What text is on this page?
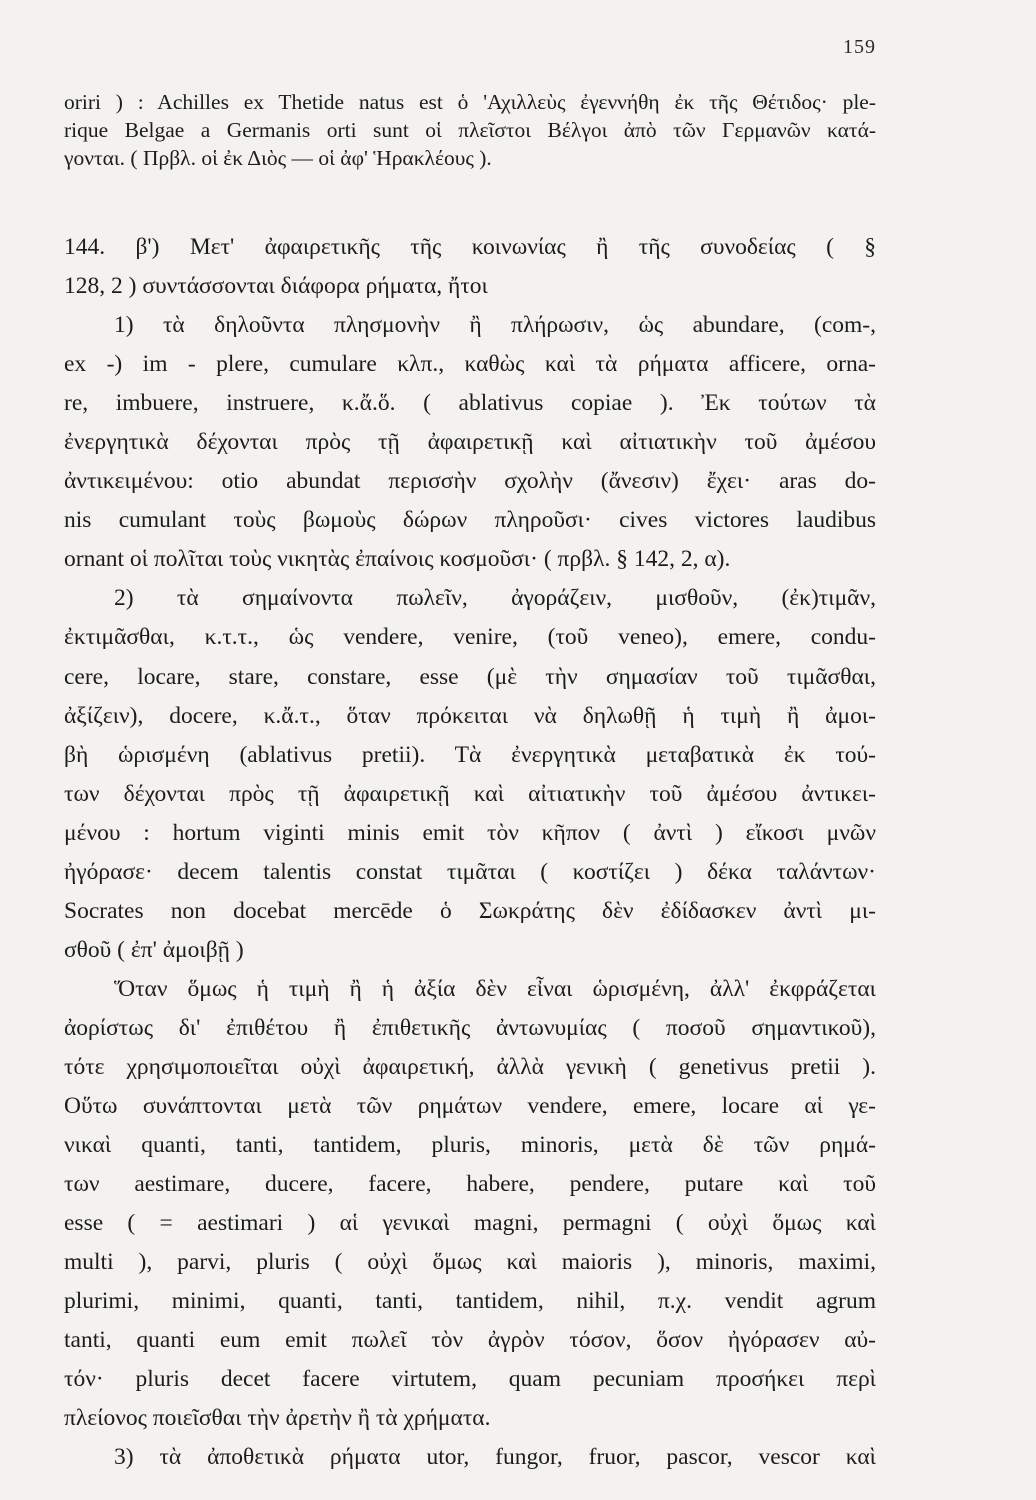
159
oriri ) : Achilles ex Thetide natus est ὁ 'Αχιλλεὺς ἐγεννήθη ἐκ τῆς Θέτιδος· ple-
rique Belgae a Germanis orti sunt οἱ πλεῖστοι Βέλγοι ἀπὸ τῶν Γερμανῶν κατά-
γονται. ( Πρβλ. οἱ ἐκ Διὸς — οἱ ἀφ' Ἡρακλέους ).
144. β') Μετ' ἀφαιρετικῆς τῆς κοινωνίας ἢ τῆς συνοδείας ( §
128, 2 ) συντάσσονται διάφορα ρήματα, ἤτοι
1) τὰ δηλοῦντα πλησμονὴν ἢ πλήρωσιν, ὡς abundare, (com-,
ex -) im - plere, cumulare κλπ., καθὼς καὶ τὰ ρήματα afficere, orna-
re, imbuere, instruere, κ.ἄ.ὅ. ( ablativus copiae ). Ἐκ τούτων τὰ
ἐνεργητικὰ δέχονται πρὸς τῇ ἀφαιρετικῇ καὶ αἰτιατικὴν τοῦ ἀμέσου
ἀντικειμένου: otio abundat περισσὴν σχολὴν (ἄνεσιν) ἔχει· aras do-
nis cumulant τοὺς βωμοὺς δώρων πληροῦσι· cives victores laudibus
ornant οἱ πολῖται τοὺς νικητὰς ἐπαίνοις κοσμοῦσι· ( πρβλ. § 142, 2, α).
2) τὰ σημαίνοντα πωλεῖν, ἀγοράζειν, μισθοῦν, (ἐκ)τιμᾶν,
ἐκτιμᾶσθαι, κ.τ.τ., ὡς vendere, venire, (τοῦ veneo), emere, condu-
cere, locare, stare, constare, esse (μὲ τὴν σημασίαν τοῦ τιμᾶσθαι,
ἀξίζειν), docere, κ.ἄ.τ., ὅταν πρόκειται νὰ δηλωθῇ ἡ τιμὴ ἢ ἀμοι-
βὴ ὡρισμένη (ablativus pretii). Τὰ ἐνεργητικὰ μεταβατικὰ ἐκ τού-
των δέχονται πρὸς τῇ ἀφαιρετικῇ καὶ αἰτιατικὴν τοῦ ἀμέσου ἀντικει-
μένου : hortum viginti minis emit τὸν κῆπον ( ἀντὶ ) εἴκοσι μνῶν
ἠγόρασε· decem talentis constat τιμᾶται ( κοστίζει ) δέκα ταλάντων·
Socrates non docebat mercēde ὁ Σωκράτης δὲν ἐδίδασκεν ἀντὶ μι-
σθοῦ ( ἐπ' ἀμοιβῇ )
Ὅταν ὅμως ἡ τιμὴ ἢ ἡ ἀξία δὲν εἶναι ὡρισμένη, ἀλλ' ἐκφράζεται
ἀορίστως δι' ἐπιθέτου ἢ ἐπιθετικῆς ἀντωνυμίας ( ποσοῦ σημαντικοῦ),
τότε χρησιμοποιεῖται οὐχὶ ἀφαιρετική, ἀλλὰ γενικὴ ( genetivus pretii ).
Οὕτω συνάπτονται μετὰ τῶν ρημάτων vendere, emere, locare αἱ γε-
νικαὶ quanti, tanti, tantidem, pluris, minoris, μετὰ δὲ τῶν ρημά-
των aestimare, ducere, facere, habere, pendere, putare καὶ τοῦ
esse ( = aestimari ) αἱ γενικαὶ magni, permagni ( οὐχὶ ὅμως καὶ
multi ), parvi, pluris ( οὐχὶ ὅμως καὶ maioris ), minoris, maximi,
plurimi, minimi, quanti, tanti, tantidem, nihil, π.χ. vendit agrum
tanti, quanti eum emit πωλεῖ τὸν ἀγρὸν τόσον, ὅσον ἠγόρασεν αὐ-
τόν· pluris decet facere virtutem, quam pecuniam προσήκει περὶ
πλείονος ποιεῖσθαι τὴν ἀρετὴν ἢ τὰ χρήματα.
3) τὰ ἀποθετικὰ ρήματα utor, fungor, fruor, pascor, vescor καὶ
